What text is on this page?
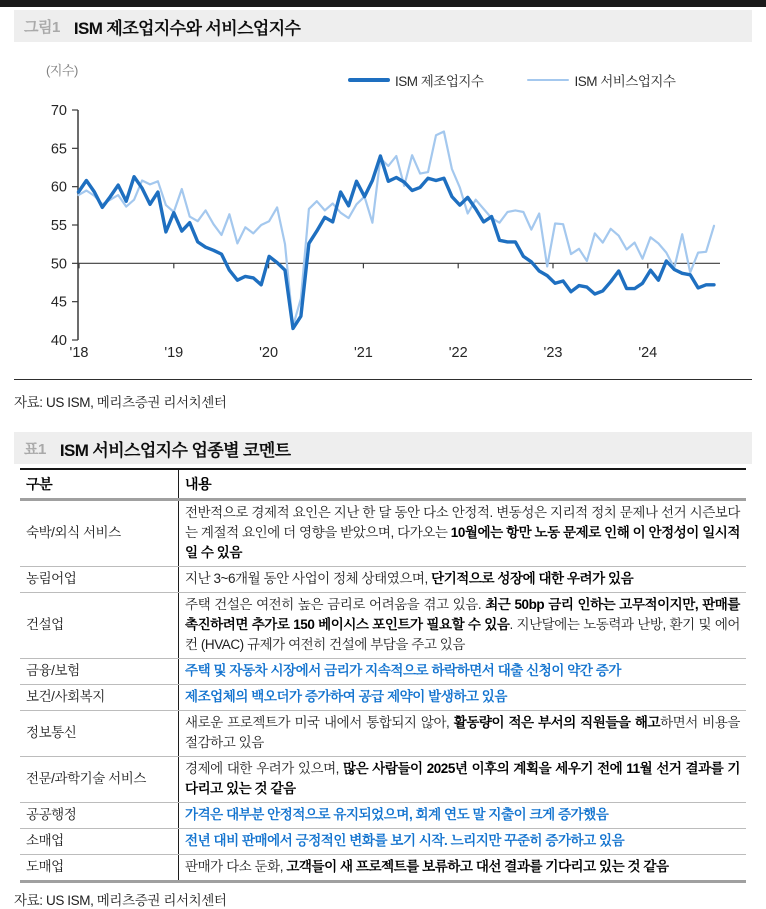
그림1 ISM 제조업지수와 서비스업지수
(지수)
ISM 제조업지수	ISM 서비스업지수
70
65
60
55
50
45
40
'18	'19	'20	'21	'22	'23	'24
자료: US ISM, 메리츠증권 리서치센터
표1 ISM 서비스업지수 업종별 코멘트
구분	내용
숙박/외식 서비스	전반적으로 경제적 요인은 지난 한 달 동안 다소 안정적. 변동성은 지리적 정치 문제나 선거 시즌보다는 계절적 요인에 더 영향을 받았으며, 다가오는 10월에는 항만 노동 문제로 인해 이 안정성이 일시적일 수 있음
농림어업	지난 3~6개월 동안 사업이 정체 상태였으며, 단기적으로 성장에 대한 우려가 있음
건설업	주택 건설은 여전히 높은 금리로 어려움을 겪고 있음. 최근 50bp 금리 인하는 고무적이지만, 판매를 촉진하려면 추가로 150 베이시스 포인트가 필요할 수 있음. 지난달에는 노동력과 난방, 환기 및 에어컨 (HVAC) 규제가 여전히 건설에 부담을 주고 있음
금융/보험	주택 및 자동차 시장에서 금리가 지속적으로 하락하면서 대출 신청이 약간 증가
보건/사회복지	제조업체의 백오더가 증가하여 공급 제약이 발생하고 있음
정보통신	새로운 프로젝트가 미국 내에서 통합되지 않아, 활동량이 적은 부서의 직원들을 해고하면서 비용을 절감하고 있음
전문/과학기술 서비스	경제에 대한 우려가 있으며, 많은 사람들이 2025년 이후의 계획을 세우기 전에 11월 선거 결과를 기다리고 있는 것 같음
공공행정	가격은 대부분 안정적으로 유지되었으며, 회계 연도 말 지출이 크게 증가했음
소매업	전년 대비 판매에서 긍정적인 변화를 보기 시작. 느리지만 꾸준히 증가하고 있음
도매업	판매가 다소 둔화, 고객들이 새 프로젝트를 보류하고 대선 결과를 기다리고 있는 것 같음
자료: US ISM, 메리츠증권 리서치센터
